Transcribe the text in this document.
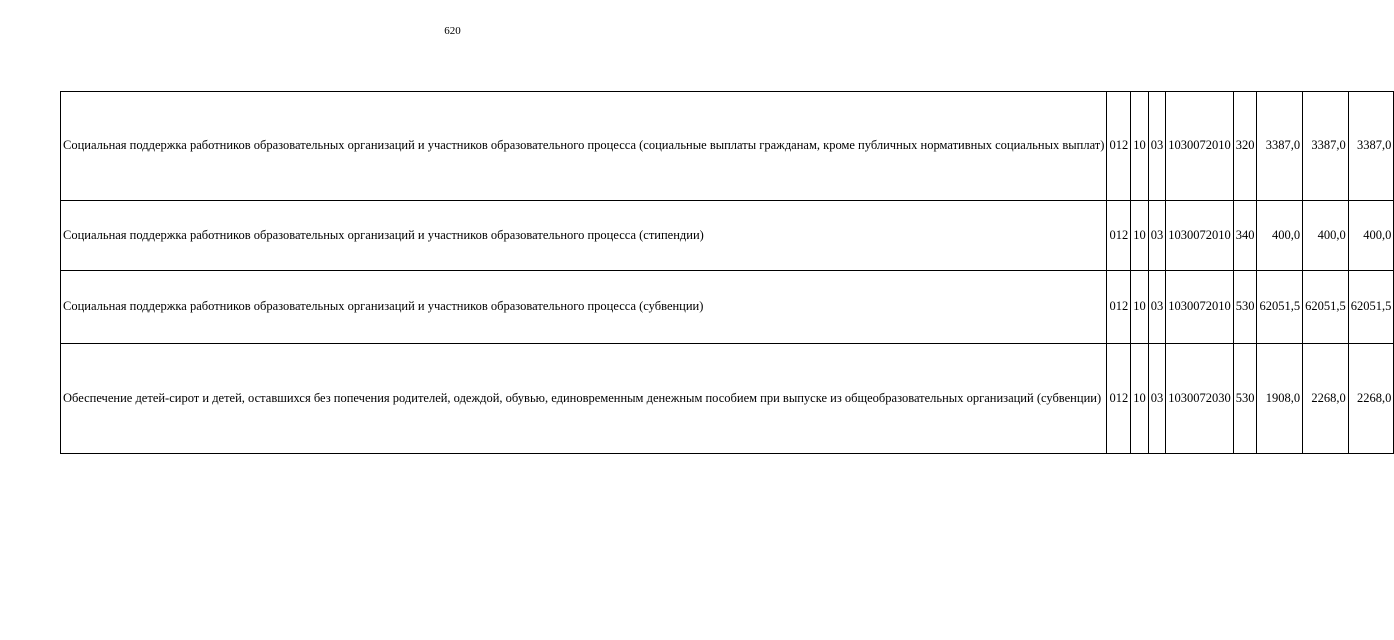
620
Социальная поддержка работников образовательных организаций и участников образовательного процесса (социальные выплаты гражданам, кроме публичных нормативных социальных выплат)	012	10	03	1030072010	320	3387,0	3387,0	3387,0
Социальная поддержка работников образовательных организаций и участников образовательного процесса (стипендии)	012	10	03	1030072010	340	400,0	400,0	400,0
Социальная поддержка работников образовательных организаций и участников образовательного процесса (субвенции)	012	10	03	1030072010	530	62051,5	62051,5	62051,5
Обеспечение детей-сирот и детей, оставшихся без попечения родителей, одеждой, обувью, единовременным денежным пособием при выпуске из общеобразовательных организаций (субвенции)	012	10	03	1030072030	530	1908,0	2268,0	2268,0
